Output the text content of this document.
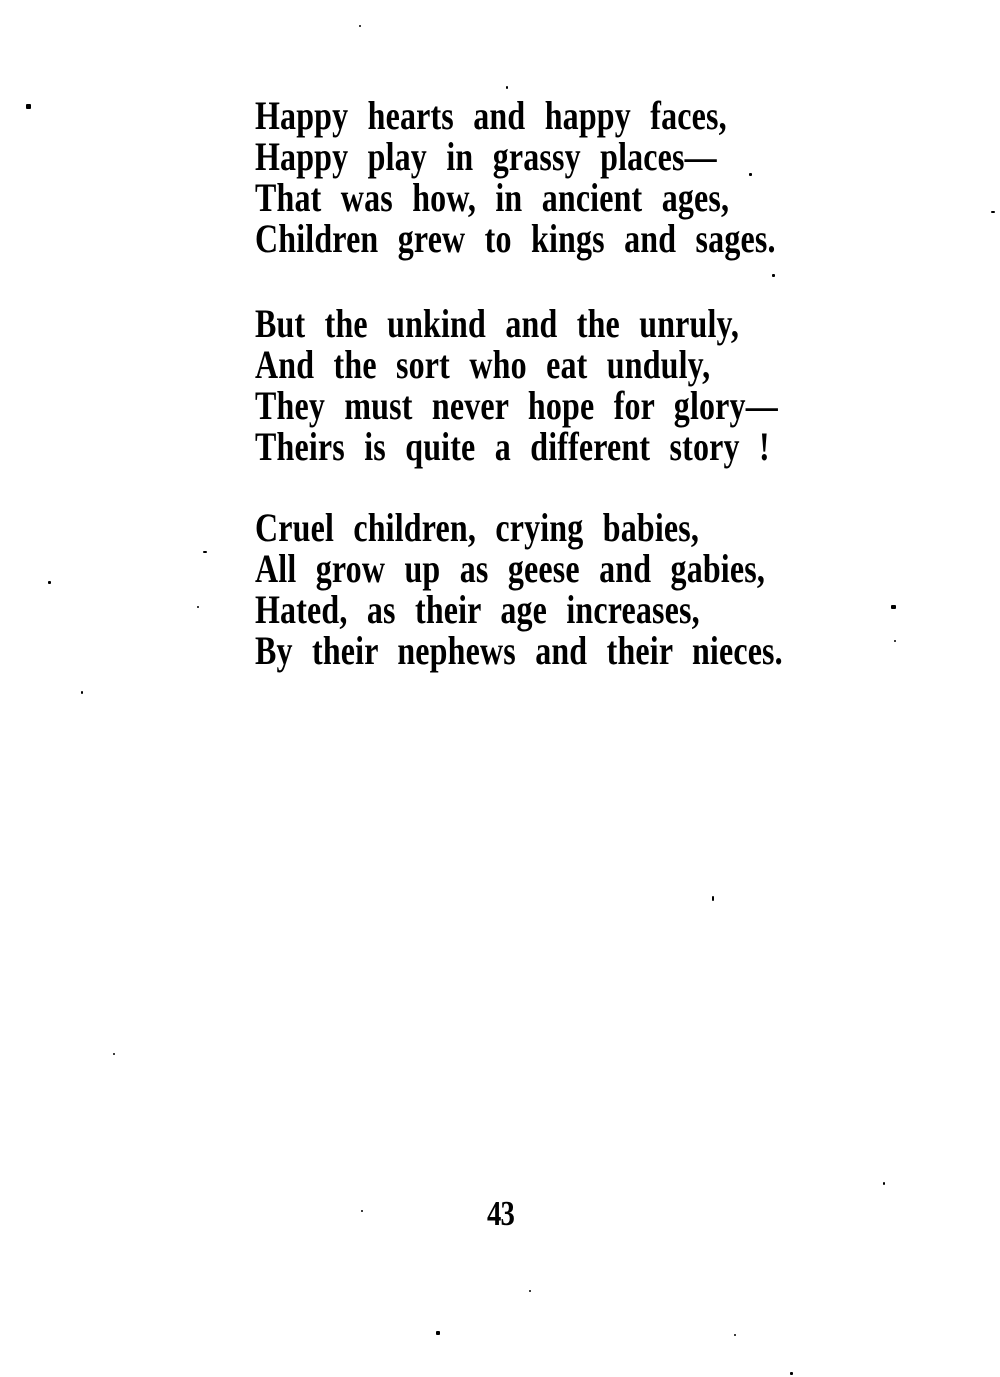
Happy hearts and happy faces,
Happy play in grassy places—
That was how, in ancient ages,
Children grew to kings and sages.
But the unkind and the unruly,
And the sort who eat unduly,
They must never hope for glory—
Theirs is quite a different story !
Cruel children, crying babies,
All grow up as geese and gabies,
Hated, as their age increases,
By their nephews and their nieces.
43
